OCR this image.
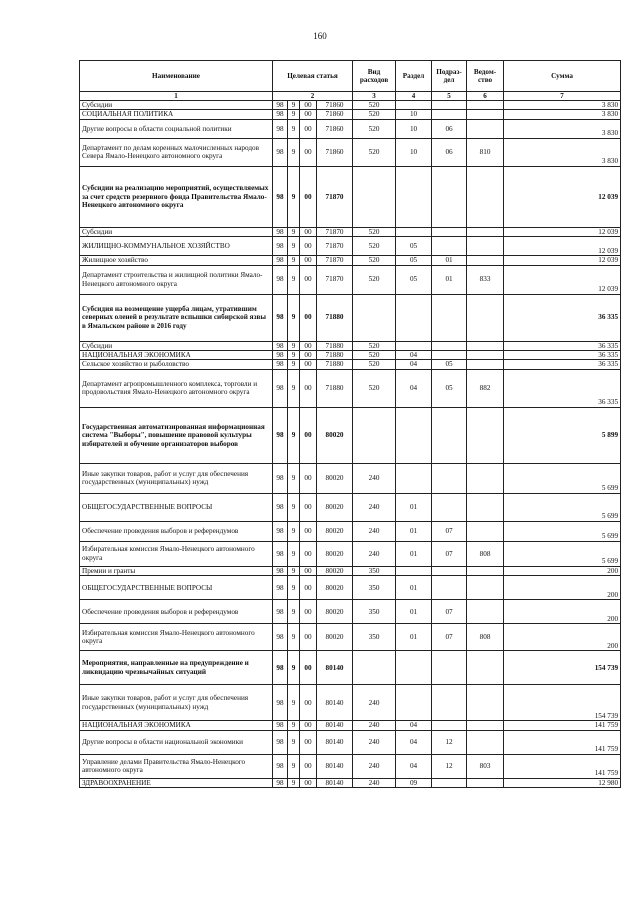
160
Наименование	Целевая статья				Вид расходов	Раздел	Подраз-дел	Ведом-ство	Сумма
1	2				3	4	5	6	7
Субсидии	98	9	00	71860	520				3 830
СОЦИАЛЬНАЯ ПОЛИТИКА	98	9	00	71860	520	10			3 830
Другие вопросы в области социальной политики	98	9	00	71860	520	10	06		3 830
Департамент по делам коренных малочисленных народов Севера Ямало-Ненецкого автономного округа	98	9	00	71860	520	10	06	810	3 830
Субсидии на реализацию мероприятий, осуществляемых за счет средств резервного фонда Правительства Ямало-Ненецкого автономного округа	98	9	00	71870					12 039
Субсидии	98	9	00	71870	520				12 039
ЖИЛИЩНО-КОММУНАЛЬНОЕ ХОЗЯЙСТВО	98	9	00	71870	520	05			12 039
Жилищное хозяйство	98	9	00	71870	520	05	01		12 039
Департамент строительства и жилищной политики Ямало-Ненецкого автономного округа	98	9	00	71870	520	05	01	833	12 039
Субсидия на возмещение ущерба лицам, утратившим северных оленей в результате вспышки сибирской язвы в Ямальском районе в 2016 году	98	9	00	71880					36 335
Субсидии	98	9	00	71880	520				36 335
НАЦИОНАЛЬНАЯ ЭКОНОМИКА	98	9	00	71880	520	04			36 335
Сельское хозяйство и рыболовство	98	9	00	71880	520	04	05		36 335
Департамент агропромышленного комплекса, торговли и продовольствия Ямало-Ненецкого автономного округа	98	9	00	71880	520	04	05	882	36 335
Государственная автоматизированная информационная система "Выборы", повышение правовой культуры избирателей и обучение организаторов выборов	98	9	00	80020					5 899
Иные закупки товаров, работ и услуг для обеспечения государственных (муниципальных) нужд	98	9	00	80020	240				5 699
ОБЩЕГОСУДАРСТВЕННЫЕ ВОПРОСЫ	98	9	00	80020	240	01			5 699
Обеспечение проведения выборов и референдумов	98	9	00	80020	240	01	07		5 699
Избирательная комиссия Ямало-Ненецкого автономного округа	98	9	00	80020	240	01	07	808	5 699
Премии и гранты	98	9	00	80020	350				200
ОБЩЕГОСУДАРСТВЕННЫЕ ВОПРОСЫ	98	9	00	80020	350	01			200
Обеспечение проведения выборов и референдумов	98	9	00	80020	350	01	07		200
Избирательная комиссия Ямало-Ненецкого автономного округа	98	9	00	80020	350	01	07	808	200
Мероприятия, направленные на предупреждение и ликвидацию чрезвычайных ситуаций	98	9	00	80140					154 739
Иные закупки товаров, работ и услуг для обеспечения государственных (муниципальных) нужд	98	9	00	80140	240				154 739
НАЦИОНАЛЬНАЯ ЭКОНОМИКА	98	9	00	80140	240	04			141 759
Другие вопросы в области национальной экономики	98	9	00	80140	240	04	12		141 759
Управление делами Правительства Ямало-Ненецкого автономного округа	98	9	00	80140	240	04	12	803	141 759
ЗДРАВООХРАНЕНИЕ	98	9	00	80140	240	09			12 980
